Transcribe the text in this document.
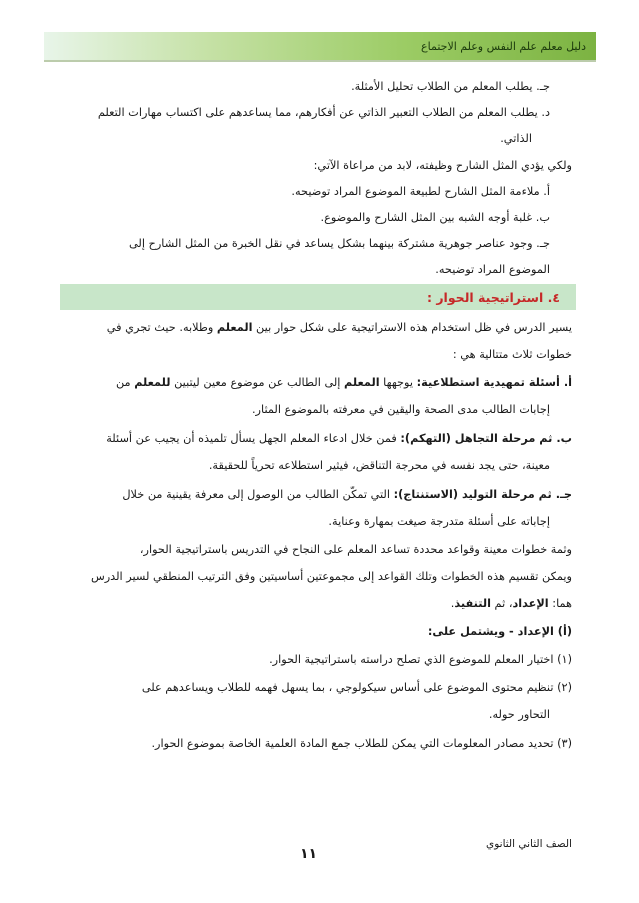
دليل معلم علم النفس وعلم الاجتماع
جـ. يطلب المعلم من الطلاب تحليل الأمثلة.
د. يطلب المعلم من الطلاب التعبير الذاتي عن أفكارهم، مما يساعدهم على اكتساب مهارات التعلم
الذاتي.
ولكي يؤدي المثل الشارح وظيفته، لابد من مراعاة الآتي:
أ. ملاءمة المثل الشارح لطبيعة الموضوع المراد توضيحه.
ب. غلبة أوجه الشبه بين المثل الشارح والموضوع.
جـ. وجود عناصر جوهرية مشتركة بينهما بشكل يساعد في نقل الخبرة من المثل الشارح إلى
الموضوع المراد توضيحه.
٤. استراتيجية الحوار :
يسير الدرس في ظل استخدام هذه الاستراتيجية على شكل حوار بين المعلم وطلابه. حيث تجري في
خطوات ثلاث متتالية هي :
أ. أسئلة تمهيدية استطلاعية: يوجهها المعلم إلى الطالب عن موضوع معين ليتبين للمعلم من
إجابات الطالب مدى الصحة واليقين في معرفته بالموضوع المثار.
ب. ثم مرحلة التجاهل (التهكم): فمن خلال ادعاء المعلم الجهل يسأل تلميذه أن يجيب عن أسئلة
معينة، حتى يجد نفسه في محرجة التناقض، فيثير استطلاعه تحرياً للحقيقة.
جـ. ثم مرحلة التوليد (الاستنتاج): التي تمكّن الطالب من الوصول إلى معرفة يقينية من خلال
إجاباته على أسئلة متدرجة صيغت بمهارة وعناية.
وثمة خطوات معينة وقواعد محددة تساعد المعلم على النجاح في التدريس باستراتيجية الحوار،
ويمكن تقسيم هذه الخطوات وتلك القواعد إلى مجموعتين أساسيتين وفق الترتيب المنطقي لسير الدرس
هما: الإعداد، ثم التنفيذ.
(أ) الإعداد - ويشتمل على:
(١) اختيار المعلم للموضوع الذي تصلح دراسته باستراتيجية الحوار.
(٢) تنظيم محتوى الموضوع على أساس سيكولوجي ، بما يسهل فهمه للطلاب ويساعدهم على
التحاور حوله.
(٣) تحديد مصادر المعلومات التي يمكن للطلاب جمع المادة العلمية الخاصة بموضوع الحوار.
الصف الثاني الثانوي
١١
